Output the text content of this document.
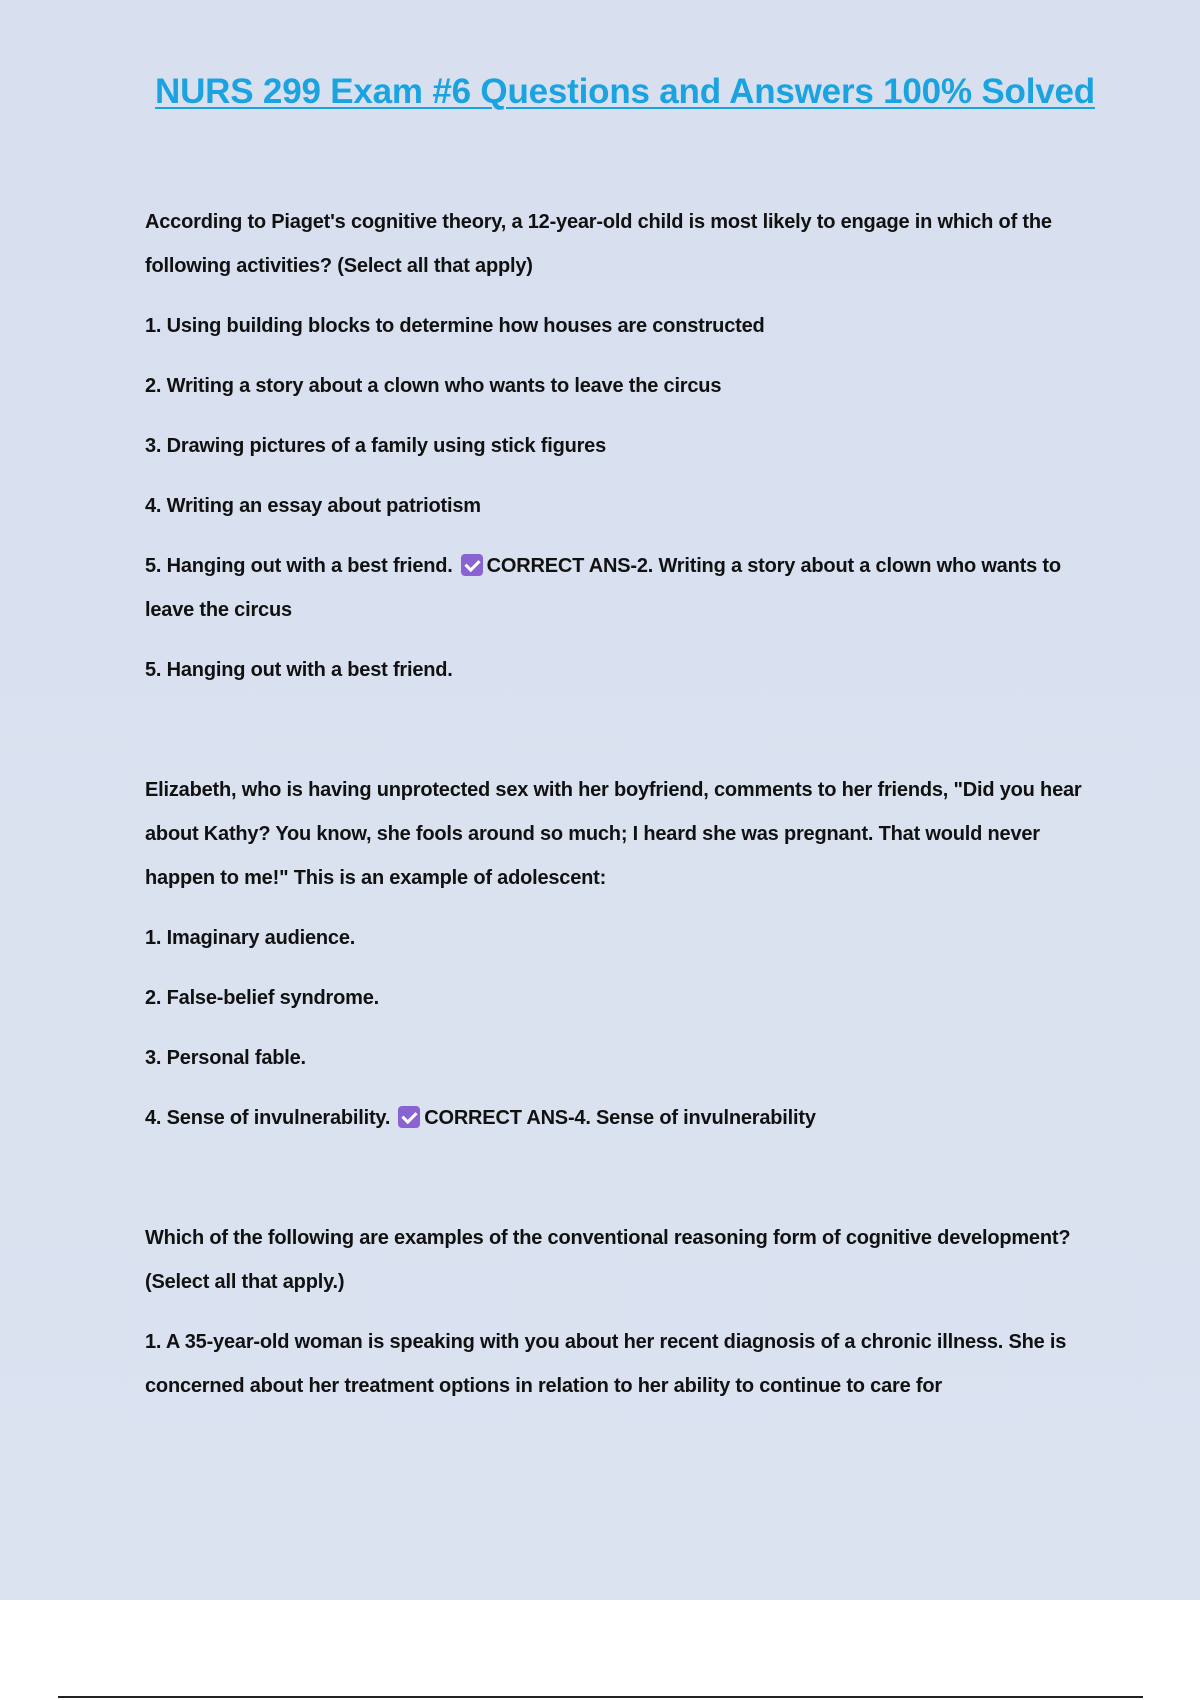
NURS 299 Exam #6 Questions and Answers 100% Solved
According to Piaget's cognitive theory, a 12-year-old child is most likely to engage in which of the following activities? (Select all that apply)
1. Using building blocks to determine how houses are constructed
2. Writing a story about a clown who wants to leave the circus
3. Drawing pictures of a family using stick figures
4. Writing an essay about patriotism
5. Hanging out with a best friend. CORRECT ANS-2. Writing a story about a clown who wants to leave the circus
5. Hanging out with a best friend.
Elizabeth, who is having unprotected sex with her boyfriend, comments to her friends, "Did you hear about Kathy? You know, she fools around so much; I heard she was pregnant. That would never happen to me!" This is an example of adolescent:
1. Imaginary audience.
2. False-belief syndrome.
3. Personal fable.
4. Sense of invulnerability. CORRECT ANS-4. Sense of invulnerability
Which of the following are examples of the conventional reasoning form of cognitive development? (Select all that apply.)
1. A 35-year-old woman is speaking with you about her recent diagnosis of a chronic illness. She is concerned about her treatment options in relation to her ability to continue to care for
